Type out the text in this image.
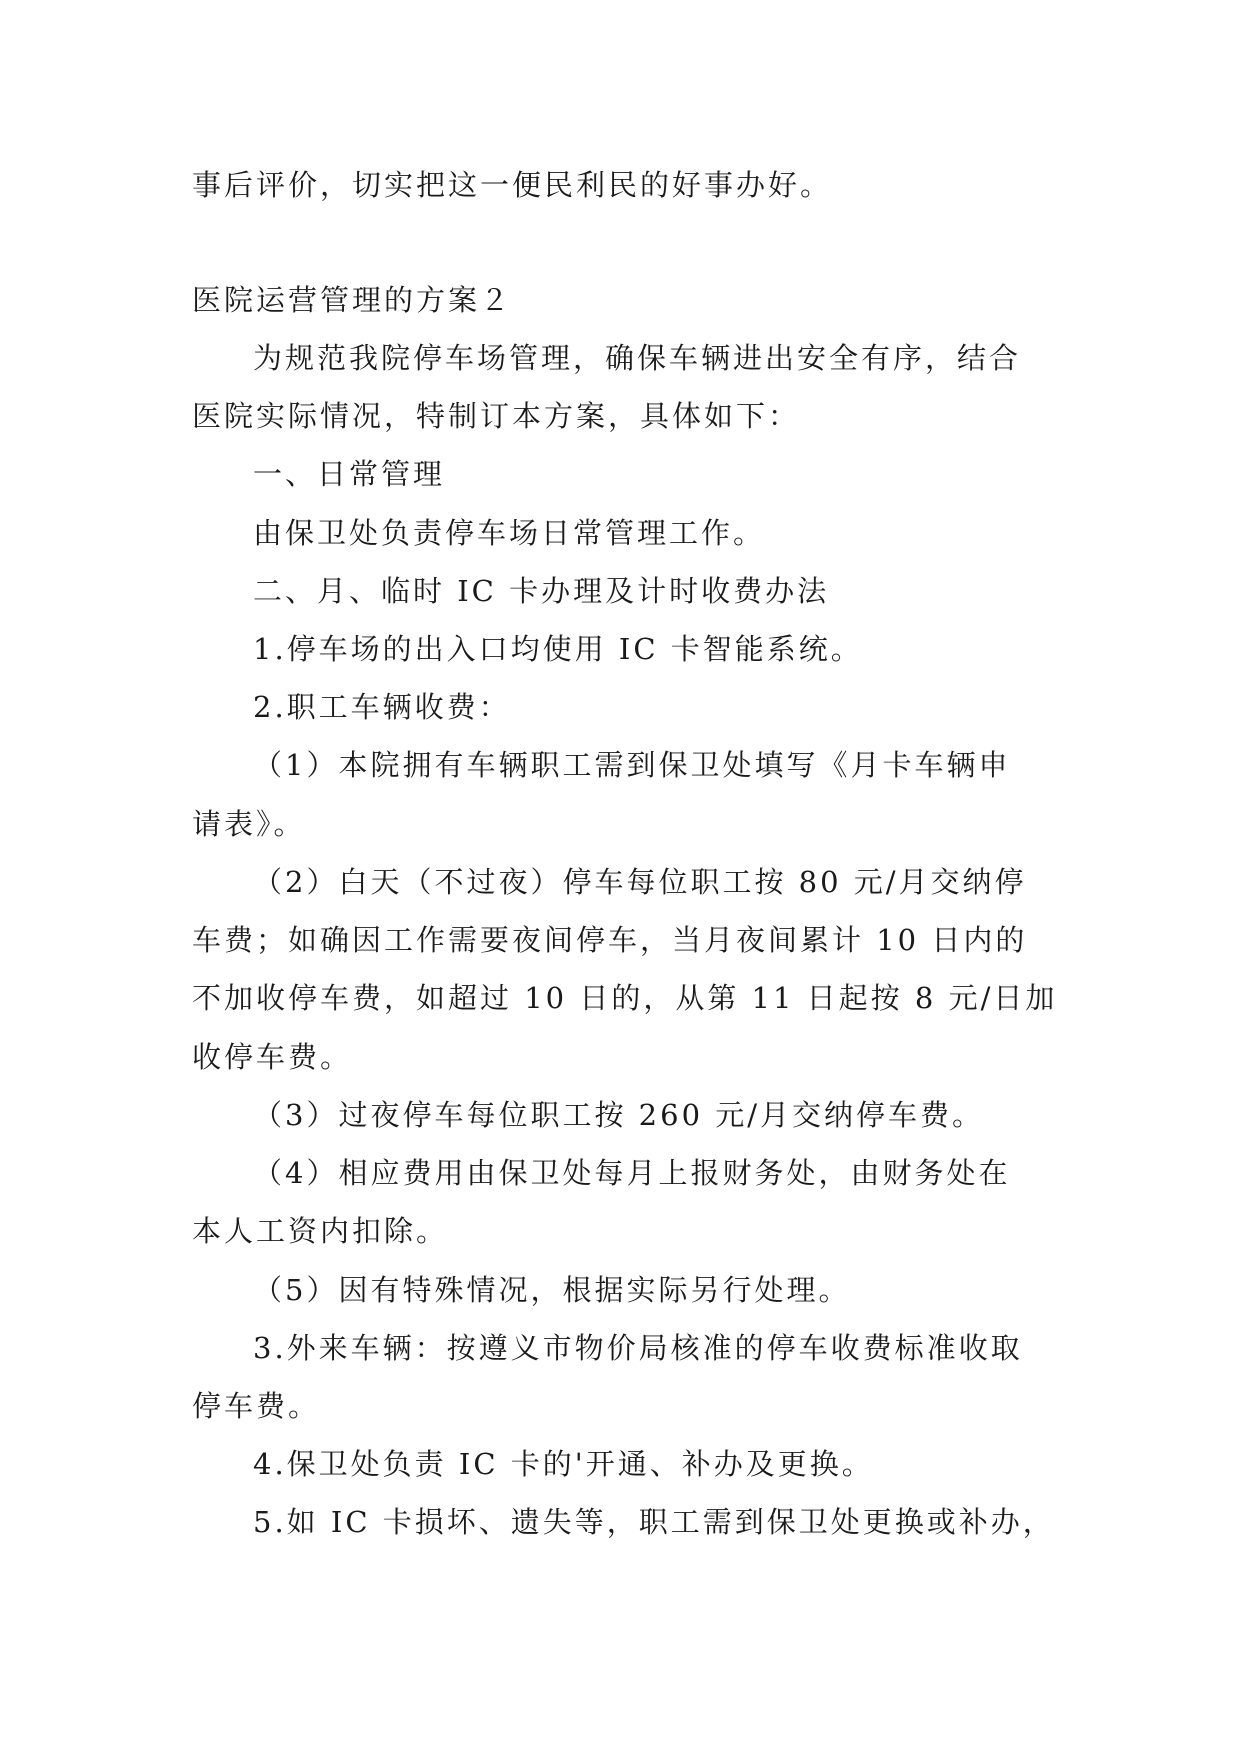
事后评价，切实把这一便民利民的好事办好。
医院运营管理的方案２
为规范我院停车场管理，确保车辆进出安全有序，结合
医院实际情况，特制订本方案，具体如下：
一、日常管理
由保卫处负责停车场日常管理工作。
二、月、临时 IC 卡办理及计时收费办法
1.停车场的出入口均使用 IC 卡智能系统。
2.职工车辆收费：
（1）本院拥有车辆职工需到保卫处填写《月卡车辆申
请表》。
（2）白天（不过夜）停车每位职工按 80 元/月交纳停
车费；如确因工作需要夜间停车，当月夜间累计 10 日内的
不加收停车费，如超过 10 日的，从第 11 日起按 8 元/日加
收停车费。
（3）过夜停车每位职工按 260 元/月交纳停车费。
（4）相应费用由保卫处每月上报财务处，由财务处在
本人工资内扣除。
（5）因有特殊情况，根据实际另行处理。
3.外来车辆：按遵义市物价局核准的停车收费标准收取
停车费。
4.保卫处负责 IC 卡的'开通、补办及更换。
5.如 IC 卡损坏、遗失等，职工需到保卫处更换或补办，
